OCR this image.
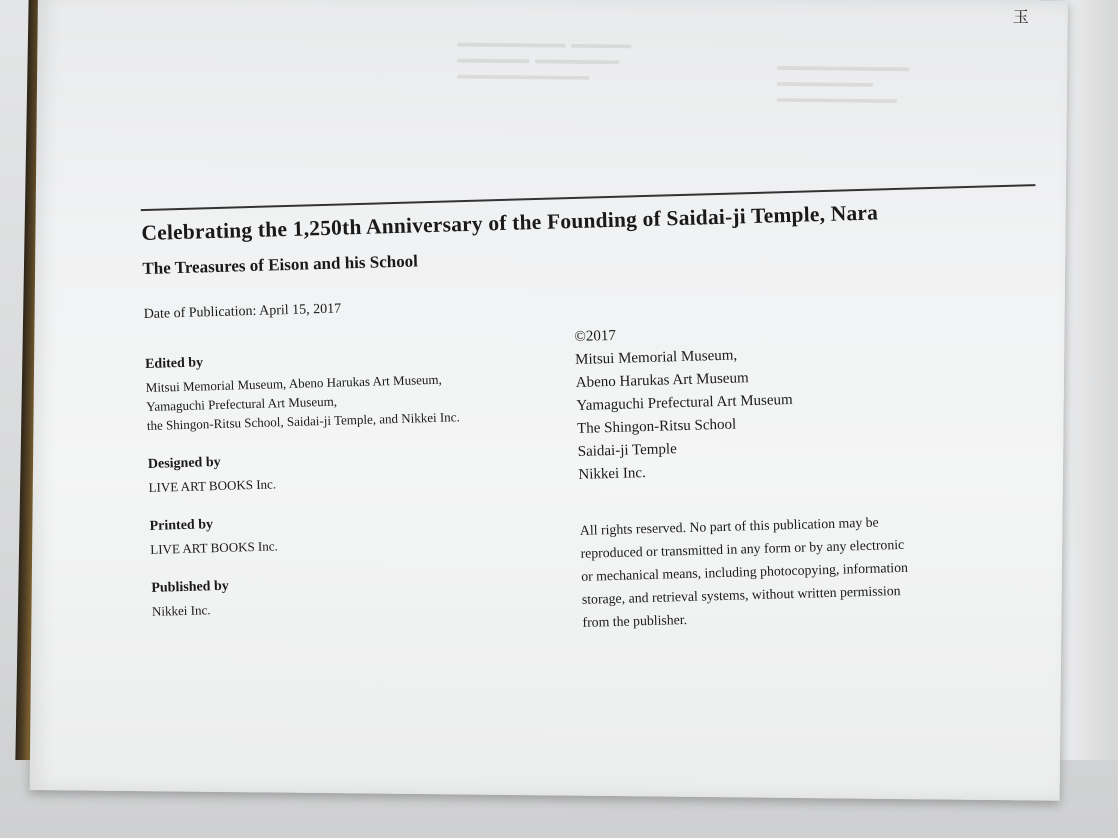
玉
▬▬▬▬▬▬▬▬▬  ▬▬▬▬▬
▬▬▬▬▬▬  ▬▬▬▬▬▬▬
▬▬▬▬▬▬▬▬▬▬▬
▬▬▬▬▬▬▬▬▬▬▬
▬▬▬▬▬▬▬▬
▬▬▬▬▬▬▬▬▬▬
Celebrating the 1,250th Anniversary of the Founding of Saidai-ji Temple, Nara
The Treasures of Eison and his School
Date of Publication: April 15, 2017
Edited by
Mitsui Memorial Museum, Abeno Harukas Art Museum,
Yamaguchi Prefectural Art Museum,
the Shingon-Ritsu School, Saidai-ji Temple, and Nikkei Inc.
Designed by
LIVE ART BOOKS Inc.
Printed by
LIVE ART BOOKS Inc.
Published by
Nikkei Inc.
©2017
Mitsui Memorial Museum,
Abeno Harukas Art Museum
Yamaguchi Prefectural Art Museum
The Shingon-Ritsu School
Saidai-ji Temple
Nikkei Inc.
All rights reserved. No part of this publication may be
reproduced or transmitted in any form or by any electronic
or mechanical means, including photocopying, information
storage, and retrieval systems, without written permission
from the publisher.
